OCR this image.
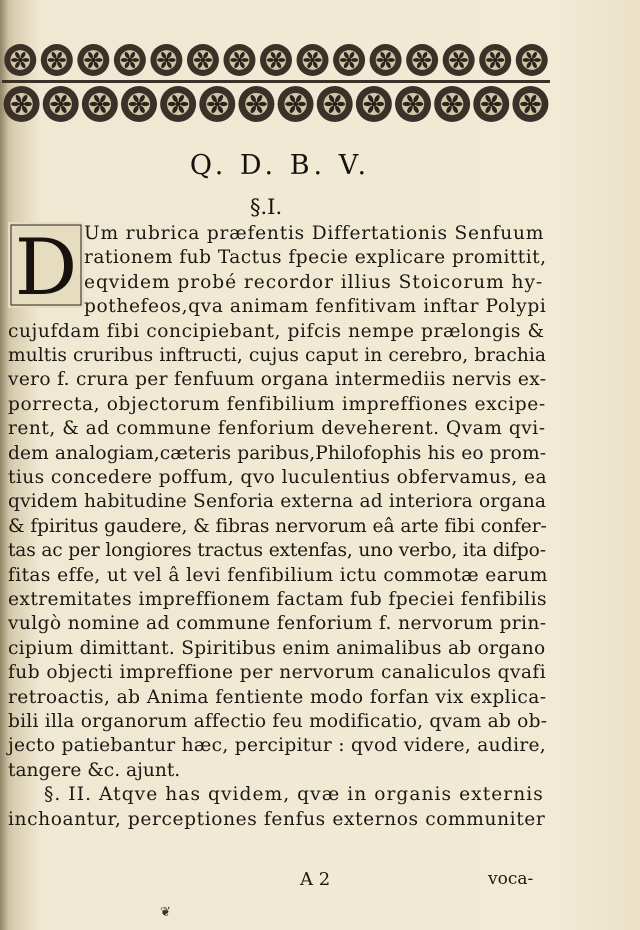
Q. D. B. V.
§.I.
D Um rubrica præfentis Differtationis Senfuum
rationem fub Tactus fpecie explicare promittit,
eqvidem probé recordor illius Stoicorum hy-
pothefeos,qva animam fenfitivam inftar Polypi
cujufdam fibi concipiebant, pifcis nempe prælongis &
multis cruribus inftructi, cujus caput in cerebro, brachia
vero f. crura per fenfuum organa intermediis nervis ex-
porrecta, objectorum fenfibilium impreffiones excipe-
rent, & ad commune fenforium deveherent. Qvam qvi-
dem analogiam,cæteris paribus,Philofophis his eo prom-
tius concedere poffum, qvo luculentius obfervamus, ea
qvidem habitudine Senforia externa ad interiora organa
& fpiritus gaudere, & fibras nervorum eâ arte fibi confer-
tas ac per longiores tractus extenfas, uno verbo, ita difpo-
fitas effe, ut vel â levi fenfibilium ictu commotæ earum
extremitates impreffionem factam fub fpeciei fenfibilis
vulgò nomine ad commune fenforium f. nervorum prin-
cipium dimittant. Spiritibus enim animalibus ab organo
fub objecti impreffione per nervorum canaliculos qvafi
retroactis, ab Anima fentiente modo forfan vix explica-
bili illa organorum affectio feu modificatio, qvam ab ob-
jecto patiebantur hæc, percipitur : qvod videre, audire,
tangere &c. ajunt.
§. II. Atqve has qvidem, qvæ in organis externis
inchoantur, perceptiones fenfus externos communiter
A 2	voca-
❦
